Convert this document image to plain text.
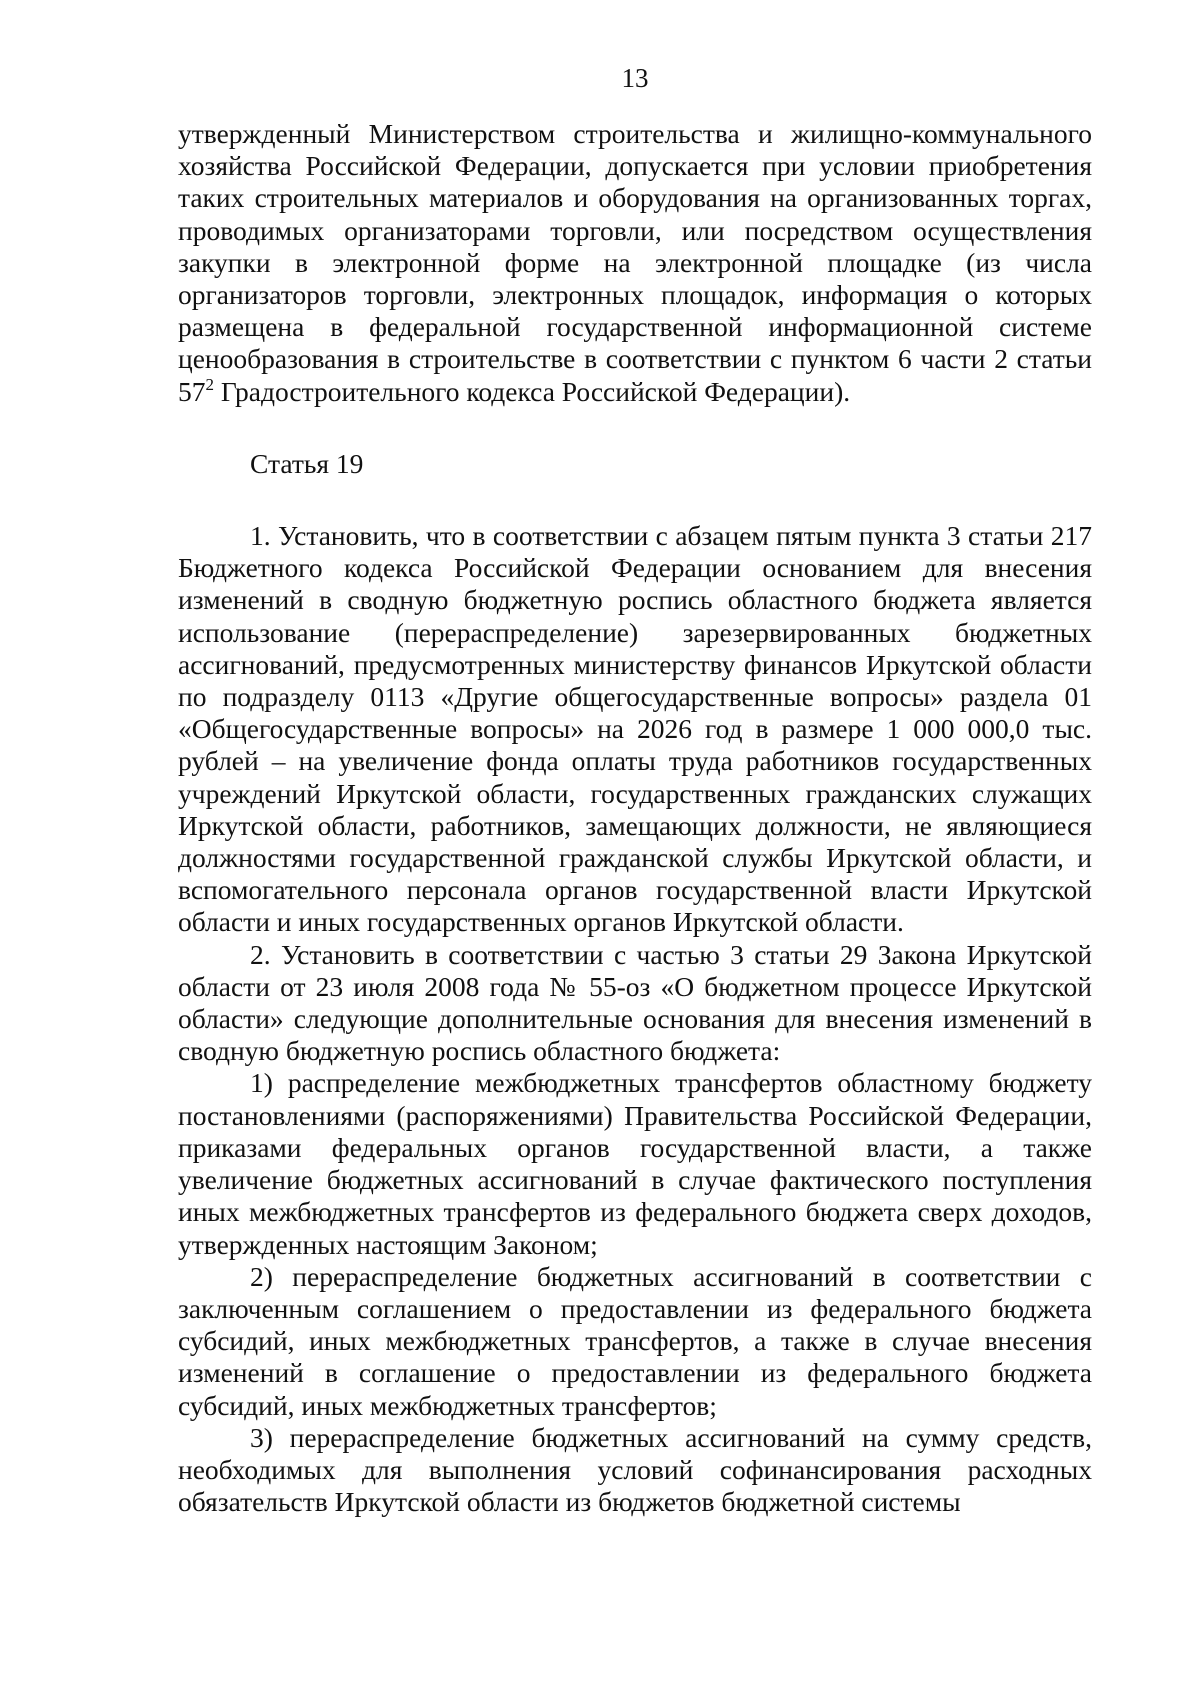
13

утвержденный Министерством строительства и жилищно-коммунального хозяйства Российской Федерации, допускается при условии приобретения таких строительных материалов и оборудования на организованных торгах, проводимых организаторами торговли, или посредством осуществления закупки в электронной форме на электронной площадке (из числа организаторов торговли, электронных площадок, информация о которых размещена в федеральной государственной информационной системе ценообразования в строительстве в соответствии с пунктом 6 части 2 статьи $57^2$ Градостроительного кодекса Российской Федерации).

Статья 19

1. Установить, что в соответствии с абзацем пятым пункта 3 статьи 217 Бюджетного кодекса Российской Федерации основанием для внесения изменений в сводную бюджетную роспись областного бюджета является использование (перераспределение) зарезервированных бюджетных ассигнований, предусмотренных министерству финансов Иркутской области по подразделу 0113 «Другие общегосударственные вопросы» раздела 01 «Общегосударственные вопросы» на 2026 год в размере 1 000 000,0 тыс. рублей – на увеличение фонда оплаты труда работников государственных учреждений Иркутской области, государственных гражданских служащих Иркутской области, работников, замещающих должности, не являющиеся должностями государственной гражданской службы Иркутской области, и вспомогательного персонала органов государственной власти Иркутской области и иных государственных органов Иркутской области.

2. Установить в соответствии с частью 3 статьи 29 Закона Иркутской области от 23 июля 2008 года № 55-оз «О бюджетном процессе Иркутской области» следующие дополнительные основания для внесения изменений в сводную бюджетную роспись областного бюджета:

1) распределение межбюджетных трансфертов областному бюджету постановлениями (распоряжениями) Правительства Российской Федерации, приказами федеральных органов государственной власти, а также увеличение бюджетных ассигнований в случае фактического поступления иных межбюджетных трансфертов из федерального бюджета сверх доходов, утвержденных настоящим Законом;

2) перераспределение бюджетных ассигнований в соответствии с заключенным соглашением о предоставлении из федерального бюджета субсидий, иных межбюджетных трансфертов, а также в случае внесения изменений в соглашение о предоставлении из федерального бюджета субсидий, иных межбюджетных трансфертов;

3) перераспределение бюджетных ассигнований на сумму средств, необходимых для выполнения условий софинансирования расходных обязательств Иркутской области из бюджетов бюджетной системы
